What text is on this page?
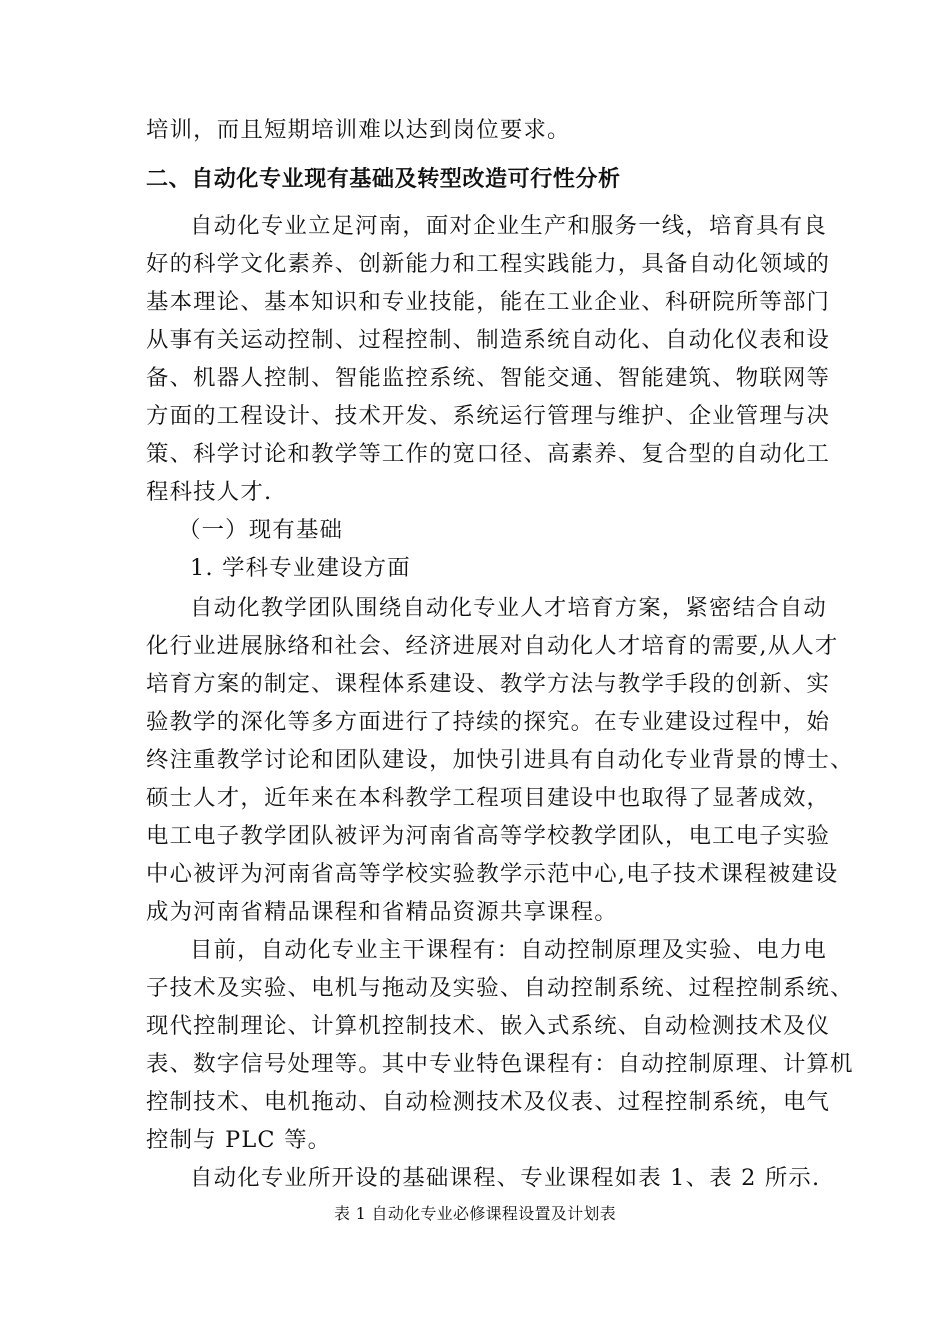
培训，而且短期培训难以达到岗位要求。
二、自动化专业现有基础及转型改造可行性分析
自动化专业立足河南，面对企业生产和服务一线，培育具有良
好的科学文化素养、创新能力和工程实践能力，具备自动化领域的
基本理论、基本知识和专业技能，能在工业企业、科研院所等部门
从事有关运动控制、过程控制、制造系统自动化、自动化仪表和设
备、机器人控制、智能监控系统、智能交通、智能建筑、物联网等
方面的工程设计、技术开发、系统运行管理与维护、企业管理与决
策、科学讨论和教学等工作的宽口径、高素养、复合型的自动化工
程科技人才.
（一）现有基础
1. 学科专业建设方面
自动化教学团队围绕自动化专业人才培育方案，紧密结合自动
化行业进展脉络和社会、经济进展对自动化人才培育的需要,从人才
培育方案的制定、课程体系建设、教学方法与教学手段的创新、实
验教学的深化等多方面进行了持续的探究。在专业建设过程中，始
终注重教学讨论和团队建设，加快引进具有自动化专业背景的博士、
硕士人才，近年来在本科教学工程项目建设中也取得了显著成效，
电工电子教学团队被评为河南省高等学校教学团队，电工电子实验
中心被评为河南省高等学校实验教学示范中心,电子技术课程被建设
成为河南省精品课程和省精品资源共享课程。
目前，自动化专业主干课程有：自动控制原理及实验、电力电
子技术及实验、电机与拖动及实验、自动控制系统、过程控制系统、
现代控制理论、计算机控制技术、嵌入式系统、自动检测技术及仪
表、数字信号处理等。其中专业特色课程有：自动控制原理、计算机
控制技术、电机拖动、自动检测技术及仪表、过程控制系统，电气
控制与 PLC 等。
自动化专业所开设的基础课程、专业课程如表 1、表 2 所示.
表 1 自动化专业必修课程设置及计划表
